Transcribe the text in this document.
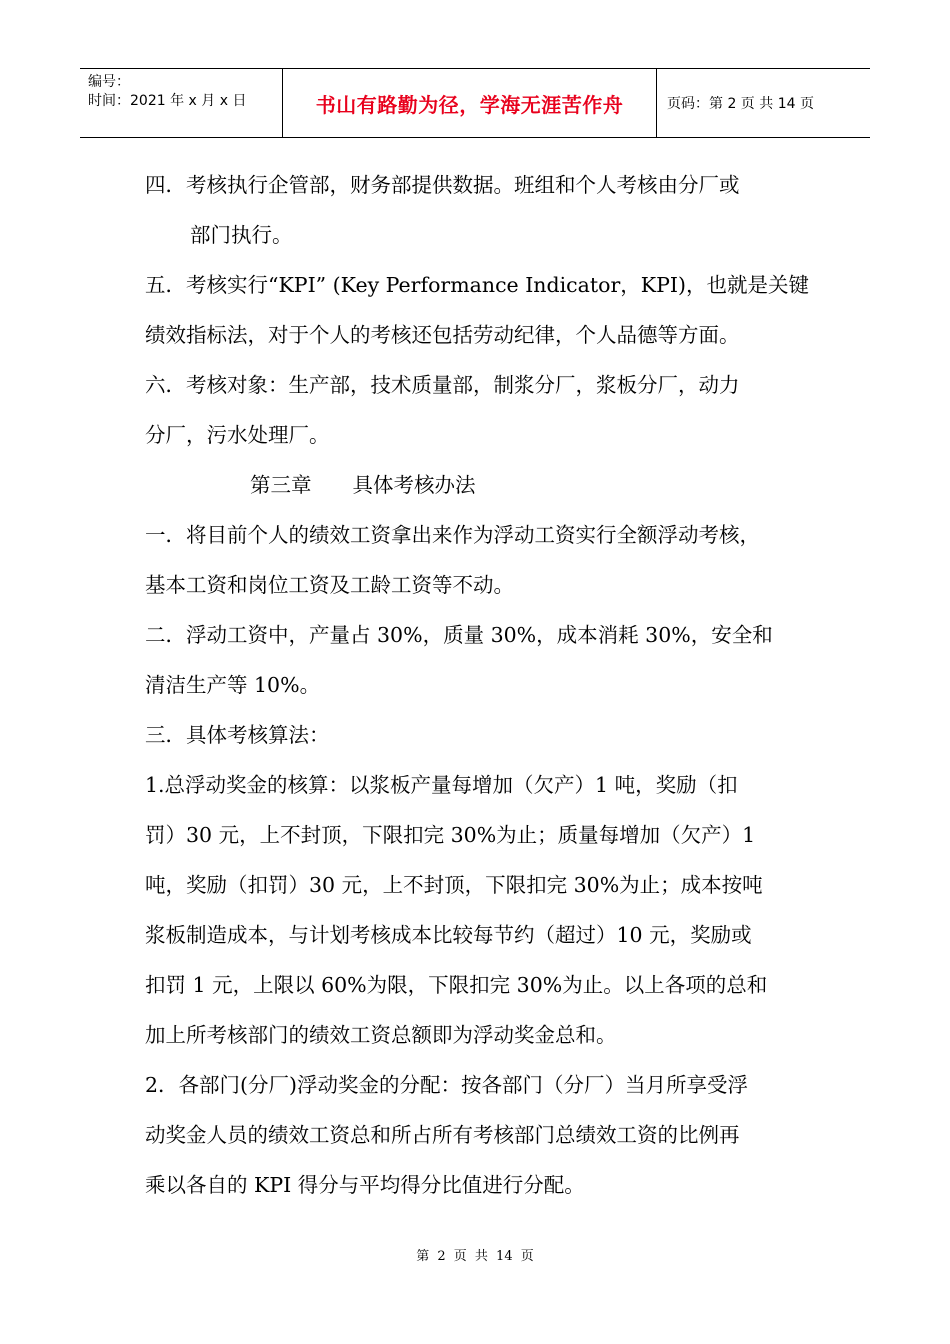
编号：
时间：2021 年 x 月 x 日	书山有路勤为径，学海无涯苦作舟	页码：第 2 页 共 14 页

四．考核执行企管部，财务部提供数据。班组和个人考核由分厂或

部门执行。

五．考核实行“KPI” (Key Performance Indicator，KPI)，也就是关键

绩效指标法，对于个人的考核还包括劳动纪律，个人品德等方面。

六．考核对象：生产部，技术质量部，制浆分厂，浆板分厂，动力

分厂，污水处理厂。

第三章　　具体考核办法

一．将目前个人的绩效工资拿出来作为浮动工资实行全额浮动考核，

基本工资和岗位工资及工龄工资等不动。

二．浮动工资中，产量占 30%，质量 30%，成本消耗 30%，安全和

清洁生产等 10%。

三．具体考核算法：

1.总浮动奖金的核算：以浆板产量每增加（欠产）1 吨，奖励（扣

罚）30 元，上不封顶，下限扣完 30%为止；质量每增加（欠产）1

吨，奖励（扣罚）30 元，上不封顶，下限扣完 30%为止；成本按吨

浆板制造成本，与计划考核成本比较每节约（超过）10 元，奖励或

扣罚 1 元，上限以 60%为限，下限扣完 30%为止。以上各项的总和

加上所考核部门的绩效工资总额即为浮动奖金总和。

2．各部门(分厂)浮动奖金的分配：按各部门（分厂）当月所享受浮

动奖金人员的绩效工资总和所占所有考核部门总绩效工资的比例再

乘以各自的 KPI 得分与平均得分比值进行分配。

第 2 页 共 14 页
